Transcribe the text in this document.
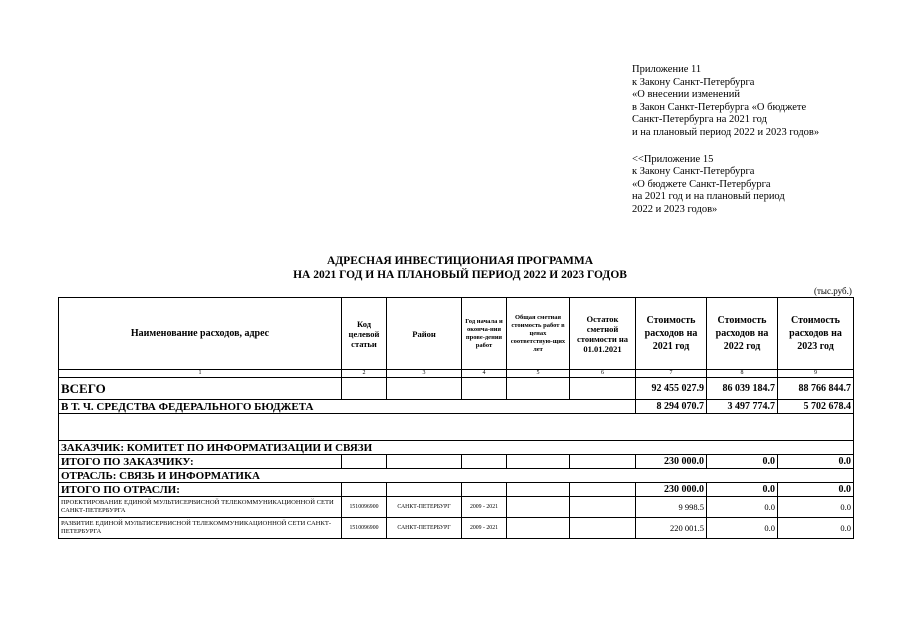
Приложение 11

к Закону Санкт-Петербурга

«О внесении изменений

в Закон Санкт-Петербурга «О бюджете

Санкт-Петербурга на 2021 год

и на плановый период 2022 и 2023 годов»

<<Приложение 15

к Закону Санкт-Петербурга

«О бюджете Санкт-Петербурга

на 2021 год и на плановый период

2022 и 2023 годов»

АДРЕСНАЯ ИНВЕСТИЦИОНИАЯ ПРОГРАММА
НА 2021 ГОД И НА ПЛАНОВЫЙ ПЕРИОД 2022 И 2023 ГОДОВ
(тыс.руб.)
Наименование расходов, адрес	Код целевой статьи	Район	Год начала и оконча-ния прове-дения работ	Общая сметная стоимость работ в ценах соответствую-щих лет	Остаток сметной стоимости на 01.01.2021	Стоимость расходов на 2021 год	Стоимость расходов на 2022 год	Стоимость расходов на 2023 год
1	2	3	4	5	6	7	8	9
ВСЕГО						92 455 027.9	86 039 184.7	88 766 844.7
В Т. Ч. СРЕДСТВА ФЕДЕРАЛЬНОГО БЮДЖЕТА						8 294 070.7	3 497 774.7	5 702 678.4

ЗАКАЗЧИК: КОМИТЕТ ПО ИНФОРМАТИЗАЦИИ И СВЯЗИ								
ИТОГО ПО ЗАКАЗЧИКУ:						230 000.0	0.0	0.0
ОТРАСЛЬ: СВЯЗЬ И ИНФОРМАТИКА								
ИТОГО ПО ОТРАСЛИ:						230 000.0	0.0	0.0
ПРОЕКТИРОВАНИЕ ЕДИНОЙ МУЛЬТИСЕРВИСНОЙ ТЕЛЕКОММУНИКАЦИОННОЙ СЕТИ САНКТ-ПЕТЕРБУРГА	1510096900	САНКТ-ПЕТЕРБУРГ	2009 - 2021			9 998.5	0.0	0.0
РАЗВИТИЕ ЕДИНОЙ МУЛЬТИСЕРВИСНОЙ ТЕЛЕКОММУНИКАЦИОННОЙ СЕТИ САНКТ-ПЕТЕРБУРГА	1510096900	САНКТ-ПЕТЕРБУРГ	2009 - 2021			220 001.5	0.0	0.0
